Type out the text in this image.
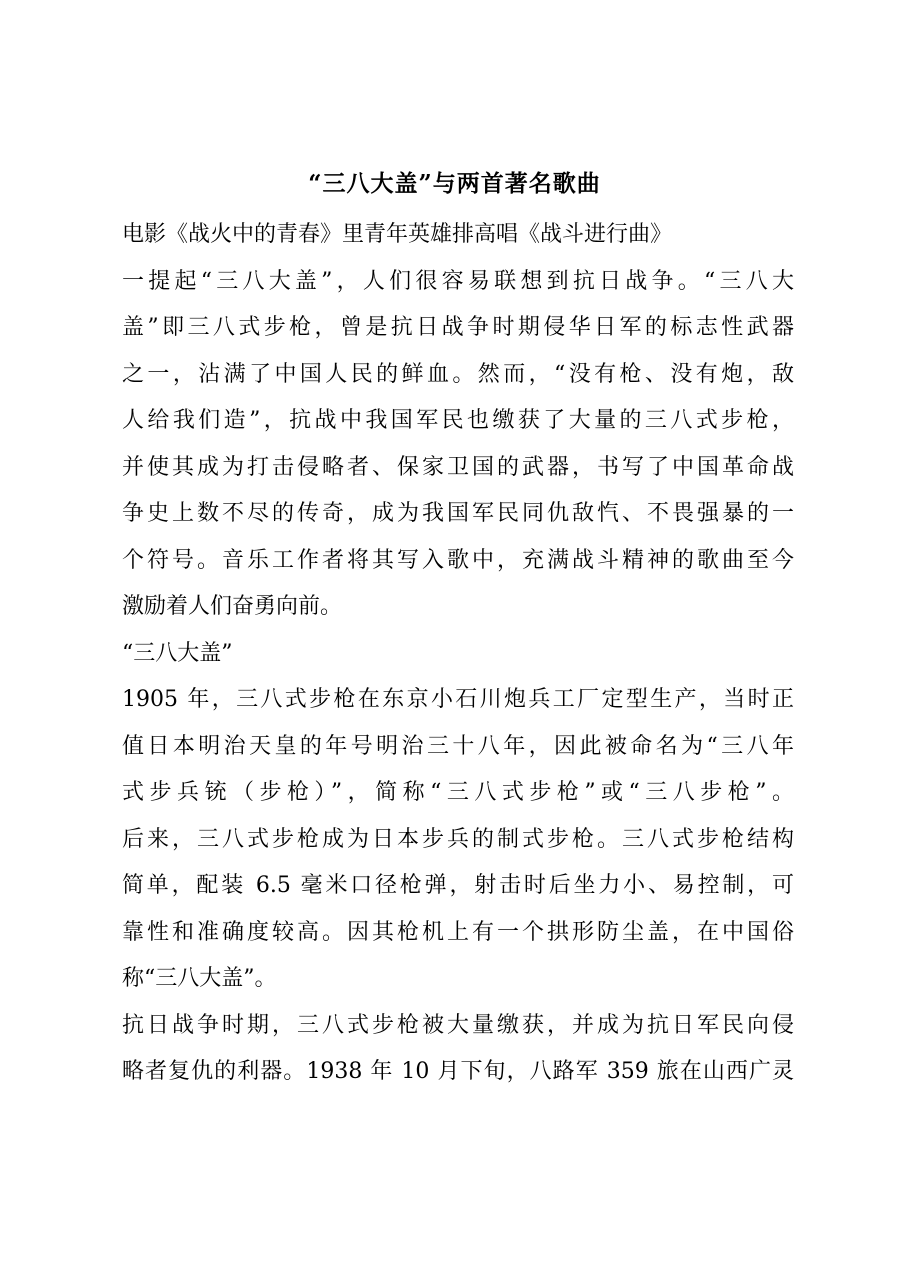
“三八大盖”与两首著名歌曲
电影《战火中的青春》里青年英雄排高唱《战斗进行曲》
一提起“三八大盖”，人们很容易联想到抗日战争。“三八大
盖”即三八式步枪，曾是抗日战争时期侵华日军的标志性武器
之一，沾满了中国人民的鲜血。然而，“没有枪、没有炮，敌
人给我们造”，抗战中我国军民也缴获了大量的三八式步枪，
并使其成为打击侵略者、保家卫国的武器，书写了中国革命战
争史上数不尽的传奇，成为我国军民同仇敌忾、不畏强暴的一
个符号。音乐工作者将其写入歌中，充满战斗精神的歌曲至今
激励着人们奋勇向前。
“三八大盖”
1905 年，三八式步枪在东京小石川炮兵工厂定型生产，当时正
值日本明治天皇的年号明治三十八年，因此被命名为“三八年
式步兵铳（步枪）”，简称“三八式步枪”或“三八步枪”。
后来，三八式步枪成为日本步兵的制式步枪。三八式步枪结构
简单，配装 6.5 毫米口径枪弹，射击时后坐力小、易控制，可
靠性和准确度较高。因其枪机上有一个拱形防尘盖，在中国俗
称“三八大盖”。
抗日战争时期，三八式步枪被大量缴获，并成为抗日军民向侵
略者复仇的利器。1938 年 10 月下旬，八路军 359 旅在山西广灵
